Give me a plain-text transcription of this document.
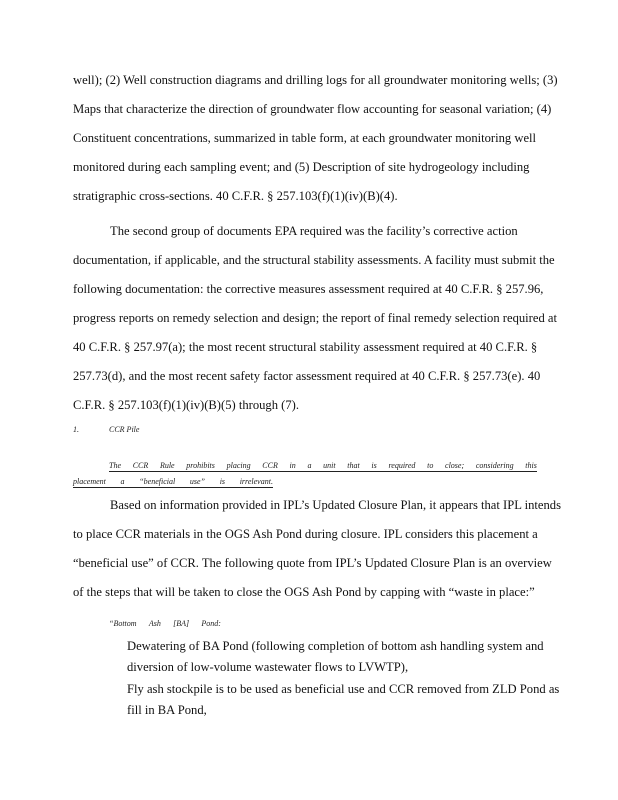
well); (2) Well construction diagrams and drilling logs for all groundwater monitoring wells; (3)
Maps that characterize the direction of groundwater flow accounting for seasonal variation; (4)
Constituent concentrations, summarized in table form, at each groundwater monitoring well
monitored during each sampling event; and (5) Description of site hydrogeology including
stratigraphic cross-sections. 40 C.F.R. § 257.103(f)(1)(iv)(B)(4).
The second group of documents EPA required was the facility’s corrective action
documentation, if applicable, and the structural stability assessments. A facility must submit the
following documentation: the corrective measures assessment required at 40 C.F.R. § 257.96,
progress reports on remedy selection and design; the report of final remedy selection required at
40 C.F.R. § 257.97(a); the most recent structural stability assessment required at 40 C.F.R. §
257.73(d), and the most recent safety factor assessment required at 40 C.F.R. § 257.73(e). 40
C.F.R. § 257.103(f)(1)(iv)(B)(5) through (7).
1.	CCR Pile
The CCR Rule prohibits placing CCR in a unit that is required to close; considering this
placement a “beneficial use” is irrelevant.
Based on information provided in IPL’s Updated Closure Plan, it appears that IPL intends
to place CCR materials in the OGS Ash Pond during closure. IPL considers this placement a
“beneficial use” of CCR. The following quote from IPL’s Updated Closure Plan is an overview
of the steps that will be taken to close the OGS Ash Pond by capping with “waste in place:”
“Bottom Ash [BA] Pond:
Dewatering of BA Pond (following completion of bottom ash handling system and
diversion of low-volume wastewater flows to LVWTP),
Fly ash stockpile is to be used as beneficial use and CCR removed from ZLD Pond as
fill in BA Pond,
